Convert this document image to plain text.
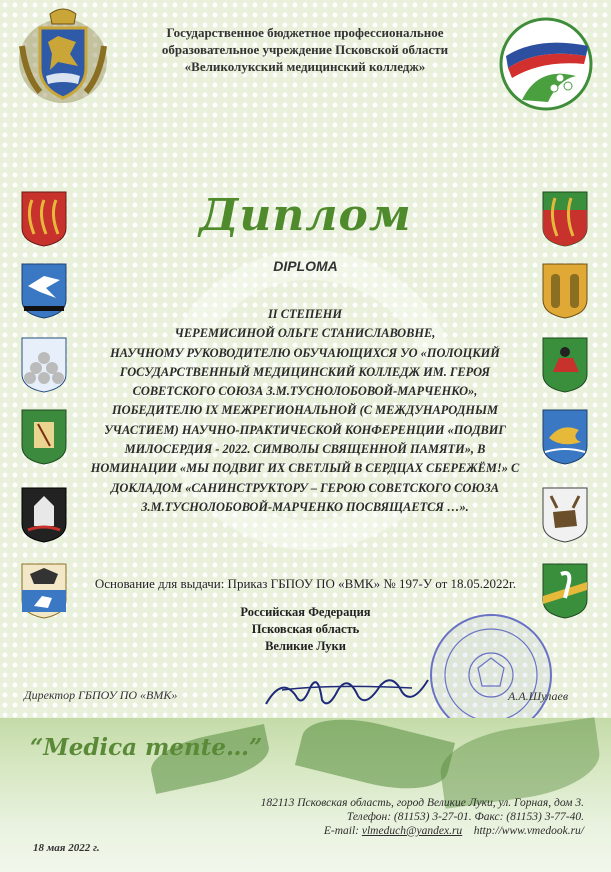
Государственное бюджетное профессиональное
образовательное учреждение Псковской области
«Великолукский медицинский колледж»
Диплом
DIPLOMA
II СТЕПЕНИ
ЧЕРЕМИСИНОЙ ОЛЬГЕ СТАНИСЛАВОВНЕ,
НАУЧНОМУ РУКОВОДИТЕЛЮ ОБУЧАЮЩИХСЯ УО «ПОЛОЦКИЙ
ГОСУДАРСТВЕННЫЙ МЕДИЦИНСКИЙ КОЛЛЕДЖ ИМ. ГЕРОЯ
СОВЕТСКОГО СОЮЗА З.М.ТУСНОЛОБОВОЙ-МАРЧЕНКО»,
ПОБЕДИТЕЛЮ IX МЕЖРЕГИОНАЛЬНОЙ (С МЕЖДУНАРОДНЫМ
УЧАСТИЕМ) НАУЧНО-ПРАКТИЧЕСКОЙ КОНФЕРЕНЦИИ «ПОДВИГ
МИЛОСЕРДИЯ - 2022. СИМВОЛЫ СВЯЩЕННОЙ ПАМЯТИ», В
НОМИНАЦИИ «МЫ ПОДВИГ ИХ СВЕТЛЫЙ В СЕРДЦАХ СБЕРЕЖЁМ!» С
ДОКЛАДОМ «САНИНСТРУКТОРУ – ГЕРОЮ СОВЕТСКОГО СОЮЗА
З.М.ТУСНОЛОБОВОЙ-МАРЧЕНКО ПОСВЯЩАЕТСЯ …».
Основание для выдачи: Приказ ГБПОУ ПО «ВМК» № 197-У от 18.05.2022г.
Российская Федерация
Псковская область
Великие Луки
Директор ГБПОУ ПО «ВМК»	А.А.Шулаев
“Medica mente…”
182113 Псковская область, город Великие Луки, ул. Горная, дом 3.
Телефон: (81153) 3-27-01. Факс: (81153) 3-77-40.
E-mail: vlmeduch@yandex.ru http://www.vmedook.ru/
18 мая 2022 г.
